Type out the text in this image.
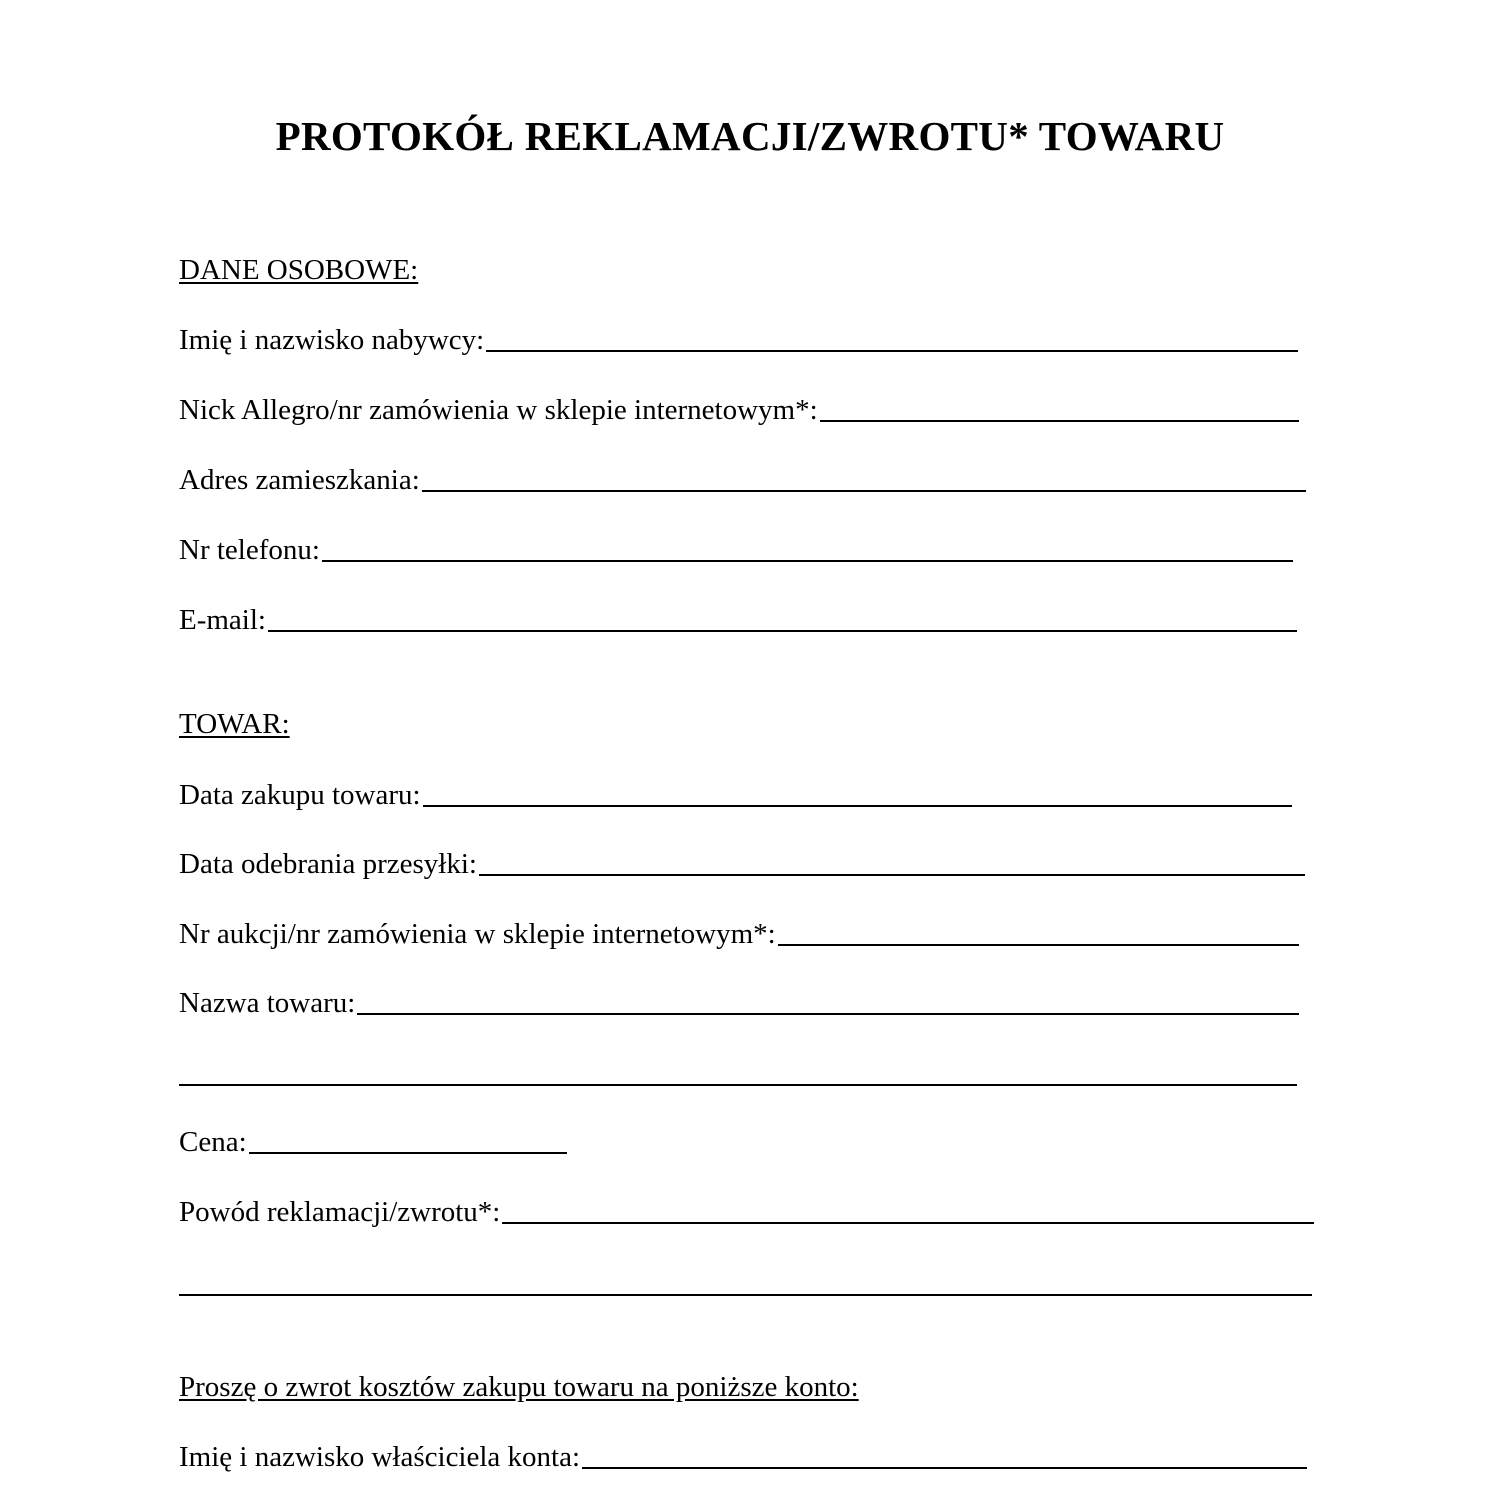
PROTOKÓŁ REKLAMACJI/ZWROTU* TOWARU
DANE OSOBOWE:
Imię i nazwisko nabywcy:
Nick Allegro/nr zamówienia w sklepie internetowym*:
Adres zamieszkania:
Nr telefonu:
E-mail:
TOWAR:
Data zakupu towaru:
Data odebrania przesyłki:
Nr aukcji/nr zamówienia w sklepie internetowym*:
Nazwa towaru:
Cena:
Powód reklamacji/zwrotu*:
Proszę o zwrot kosztów zakupu towaru na poniższe konto:
Imię i nazwisko właściciela konta:
